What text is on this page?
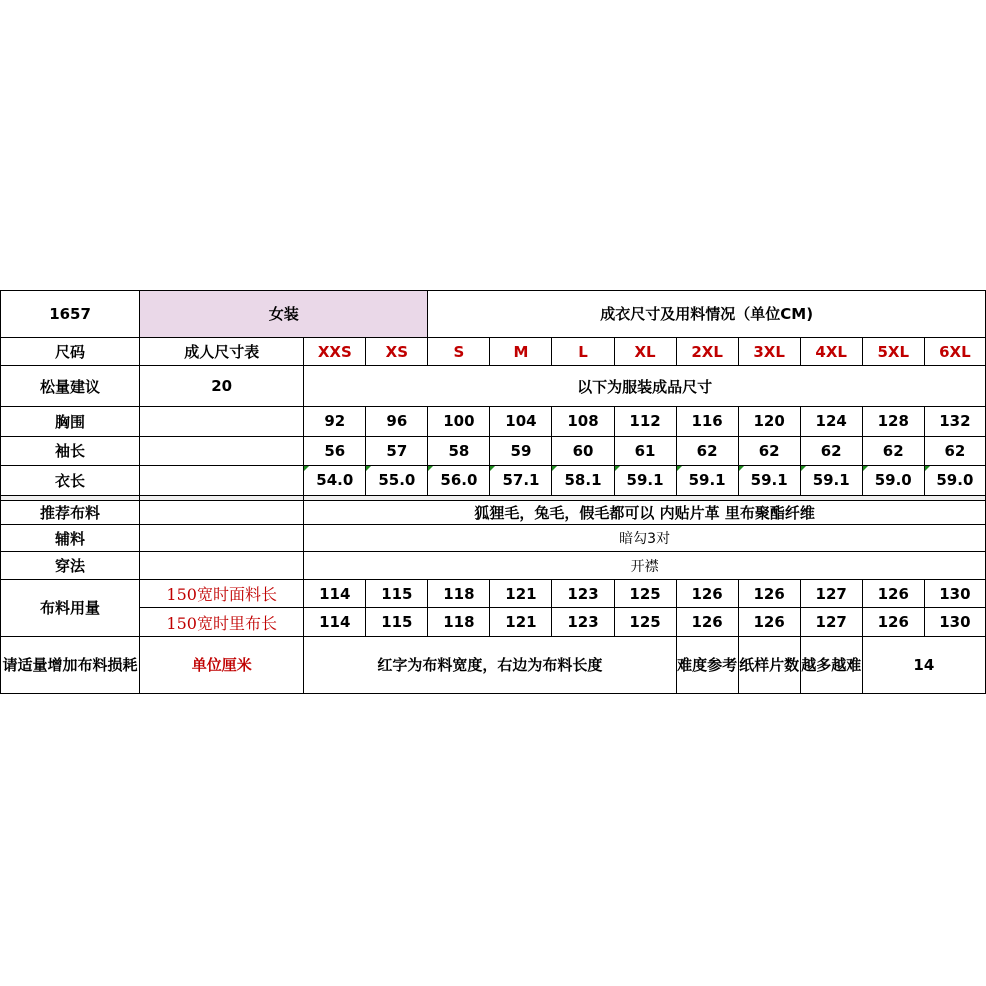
1657	女装			成衣尺寸及用料情况（单位CM)								
尺码	成人尺寸表	XXS	XS	S	M	L	XL	2XL	3XL	4XL	5XL	6XL
松量建议	20	以下为服装成品尺寸										
胸围		92	96	100	104	108	112	116	120	124	128	132
袖长		56	57	58	59	60	61	62	62	62	62	62
衣长		54.0	55.0	56.0	57.1	58.1	59.1	59.1	59.1	59.1	59.0	59.0

推荐布料		狐狸毛，兔毛，假毛都可以 内贴片革 里布聚酯纤维										
辅料		暗勾3对										
穿法		开襟										
布料用量	150宽时面料长	114	115	118	121	123	125	126	126	127	126	130
	150宽时里布长	114	115	118	121	123	125	126	126	127	126	130
请适量增加布料损耗	单位厘米	红字为布料宽度，右边为布料长度						难度参考	纸样片数	越多越难	14	
